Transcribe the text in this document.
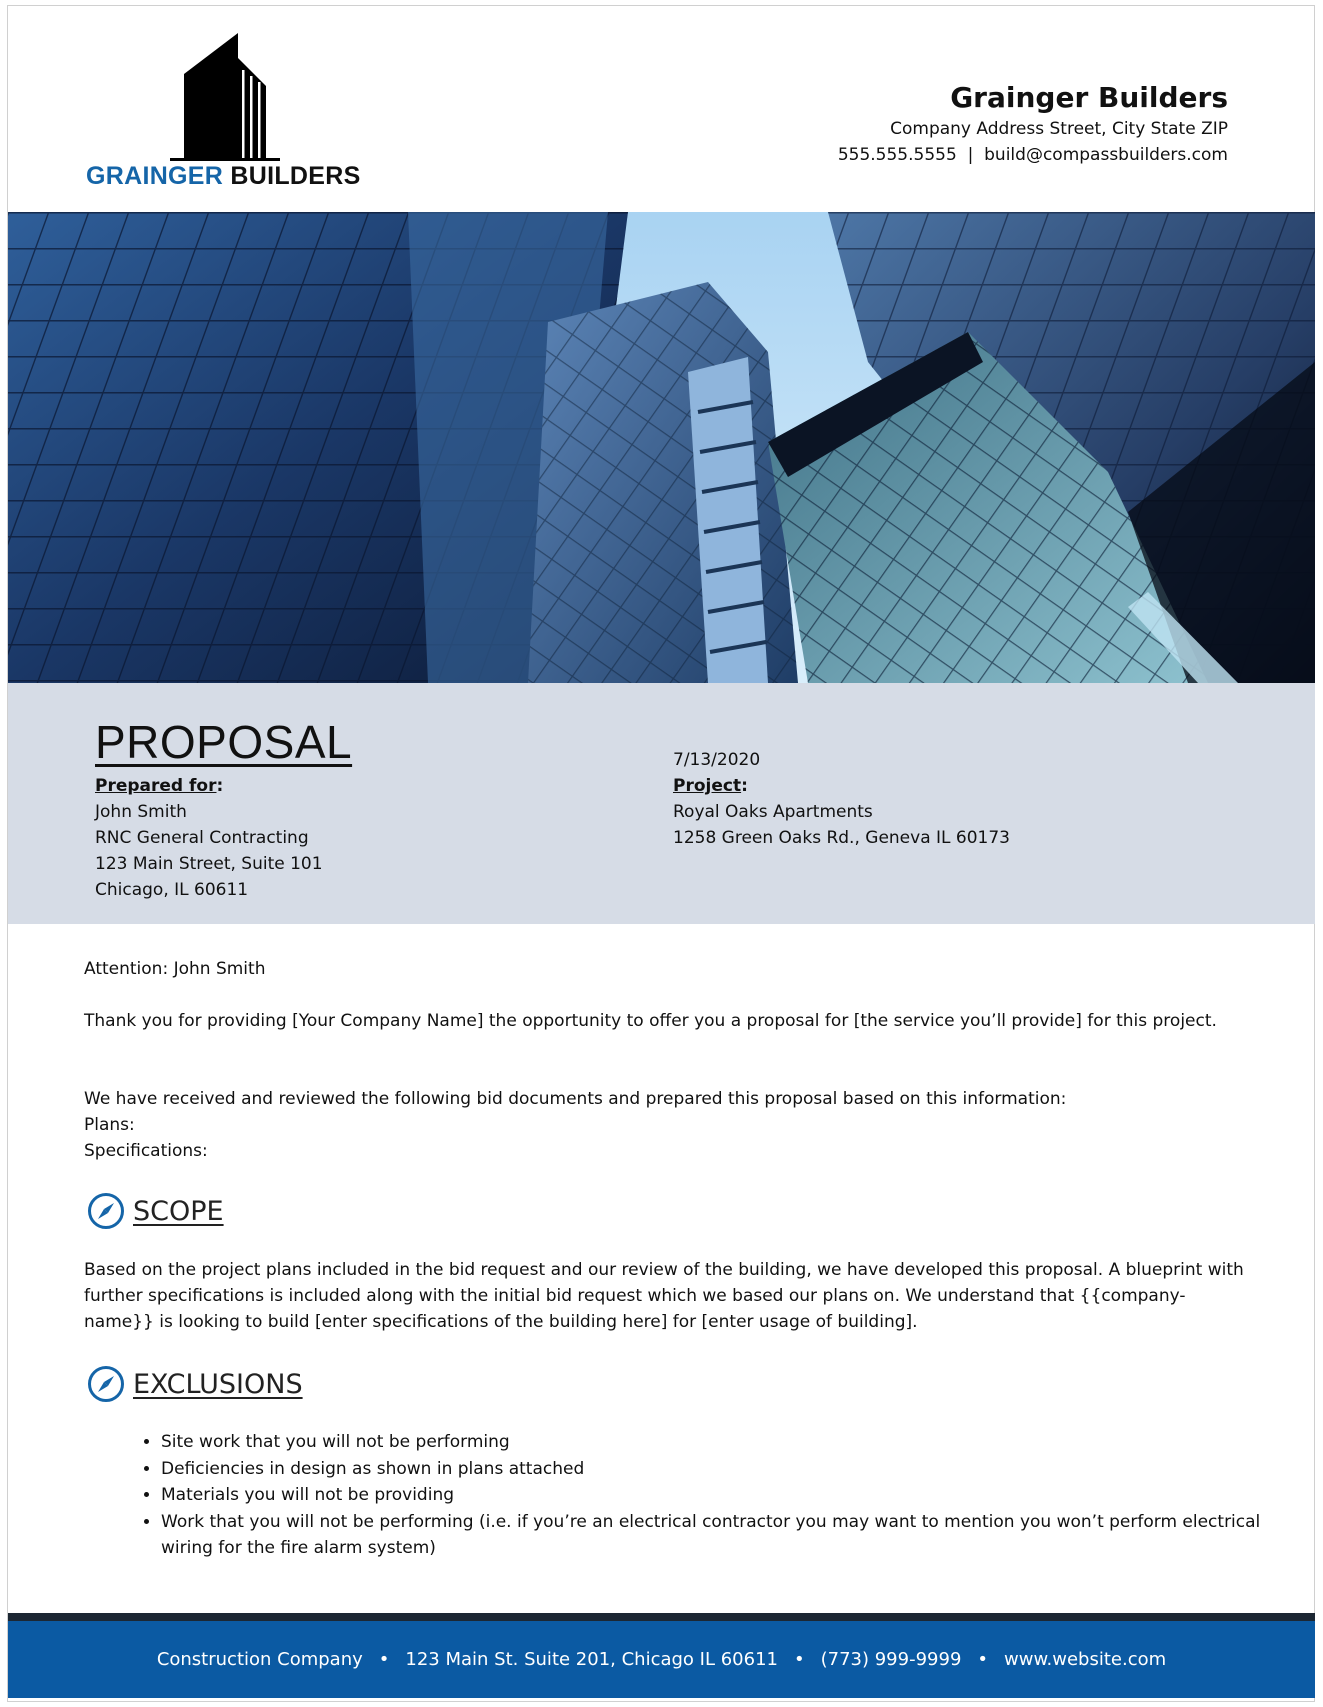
GRAINGER BUILDERS
Grainger Builders
Company Address Street, City State ZIP
555.555.5555  |  build@compassbuilders.com
PROPOSAL
Prepared for:
John Smith
RNC General Contracting
123 Main Street, Suite 101
Chicago, IL 60611
7/13/2020
Project:
Royal Oaks Apartments
1258 Green Oaks Rd., Geneva IL 60173
Attention: John Smith
Thank you for providing [Your Company Name] the opportunity to offer you a proposal for [the service you’ll provide] for this project.
We have received and reviewed the following bid documents and prepared this proposal based on this information:
Plans:
Specifications:
SCOPE
Based on the project plans included in the bid request and our review of the building, we have developed this proposal. A blueprint with further specifications is included along with the initial bid request which we based our plans on. We understand that {{company-name}} is looking to build [enter specifications of the building here] for [enter usage of building].
EXCLUSIONS
• Site work that you will not be performing
• Deficiencies in design as shown in plans attached
• Materials you will not be providing
• Work that you will not be performing (i.e. if you’re an electrical contractor you may want to mention you won’t perform electrical wiring for the fire alarm system)
Construction Company • 123 Main St. Suite 201, Chicago IL 60611 • (773) 999-9999 • www.website.com
